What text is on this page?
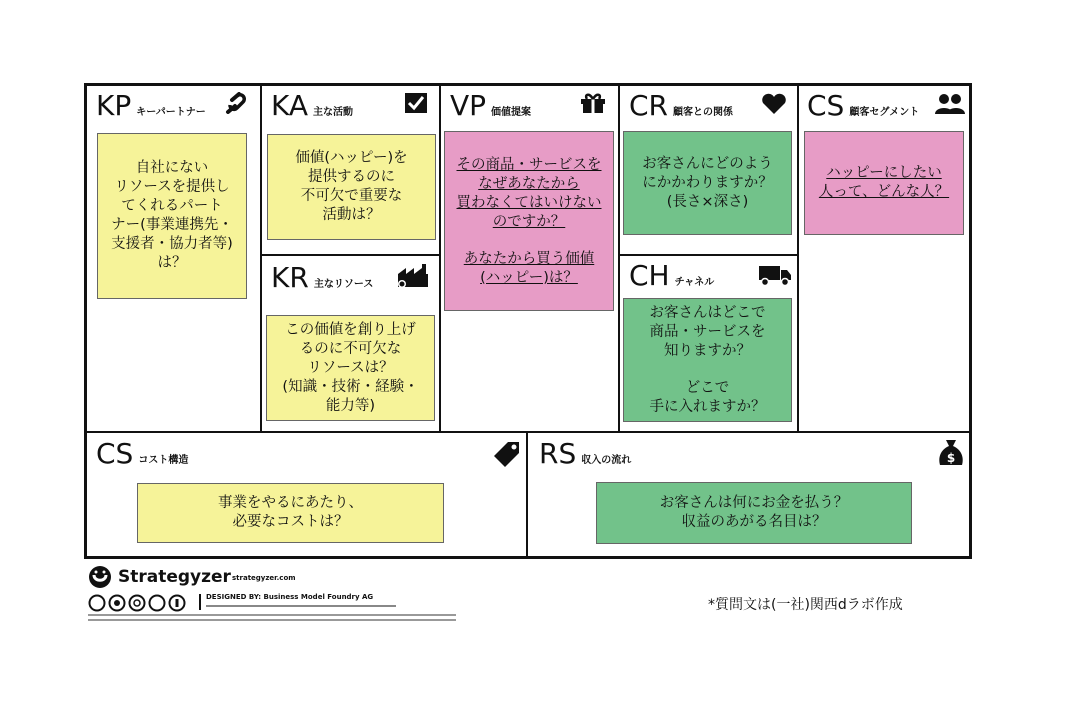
KP キーパートナー
自社にない
リソースを提供し
てくれるパート
ナー(事業連携先・
支援者・協力者等)
は？
KA 主な活動
価値(ハッピー)を
提供するのに
不可欠で重要な
活動は？
KR 主なリソース
この価値を創り上げ
るのに不可欠な
リソースは？
(知識・技術・経験・
能力等)
VP 価値提案
その商品・サービスを
なぜあなたから
買わなくてはいけないのですか？
あなたから買う価値
(ハッピー)は？
CR 顧客との関係
お客さんにどのよう
にかかわりますか？
(長さ×深さ)
CH チャネル
お客さんはどこで
商品・サービスを
知りますか？
どこで
手に入れますか？
CS 顧客セグメント
ハッピーにしたい
人って、どんな人？
CS コスト構造
事業をやるにあたり、
必要なコストは？
RS 収入の流れ	$
お客さんは何にお金を払う？
収益のあがる名目は？
Strategyzer strategyzer.com
DESIGNED BY: Business Model Foundry AG	*質問文は(一社)関西dラボ作成
